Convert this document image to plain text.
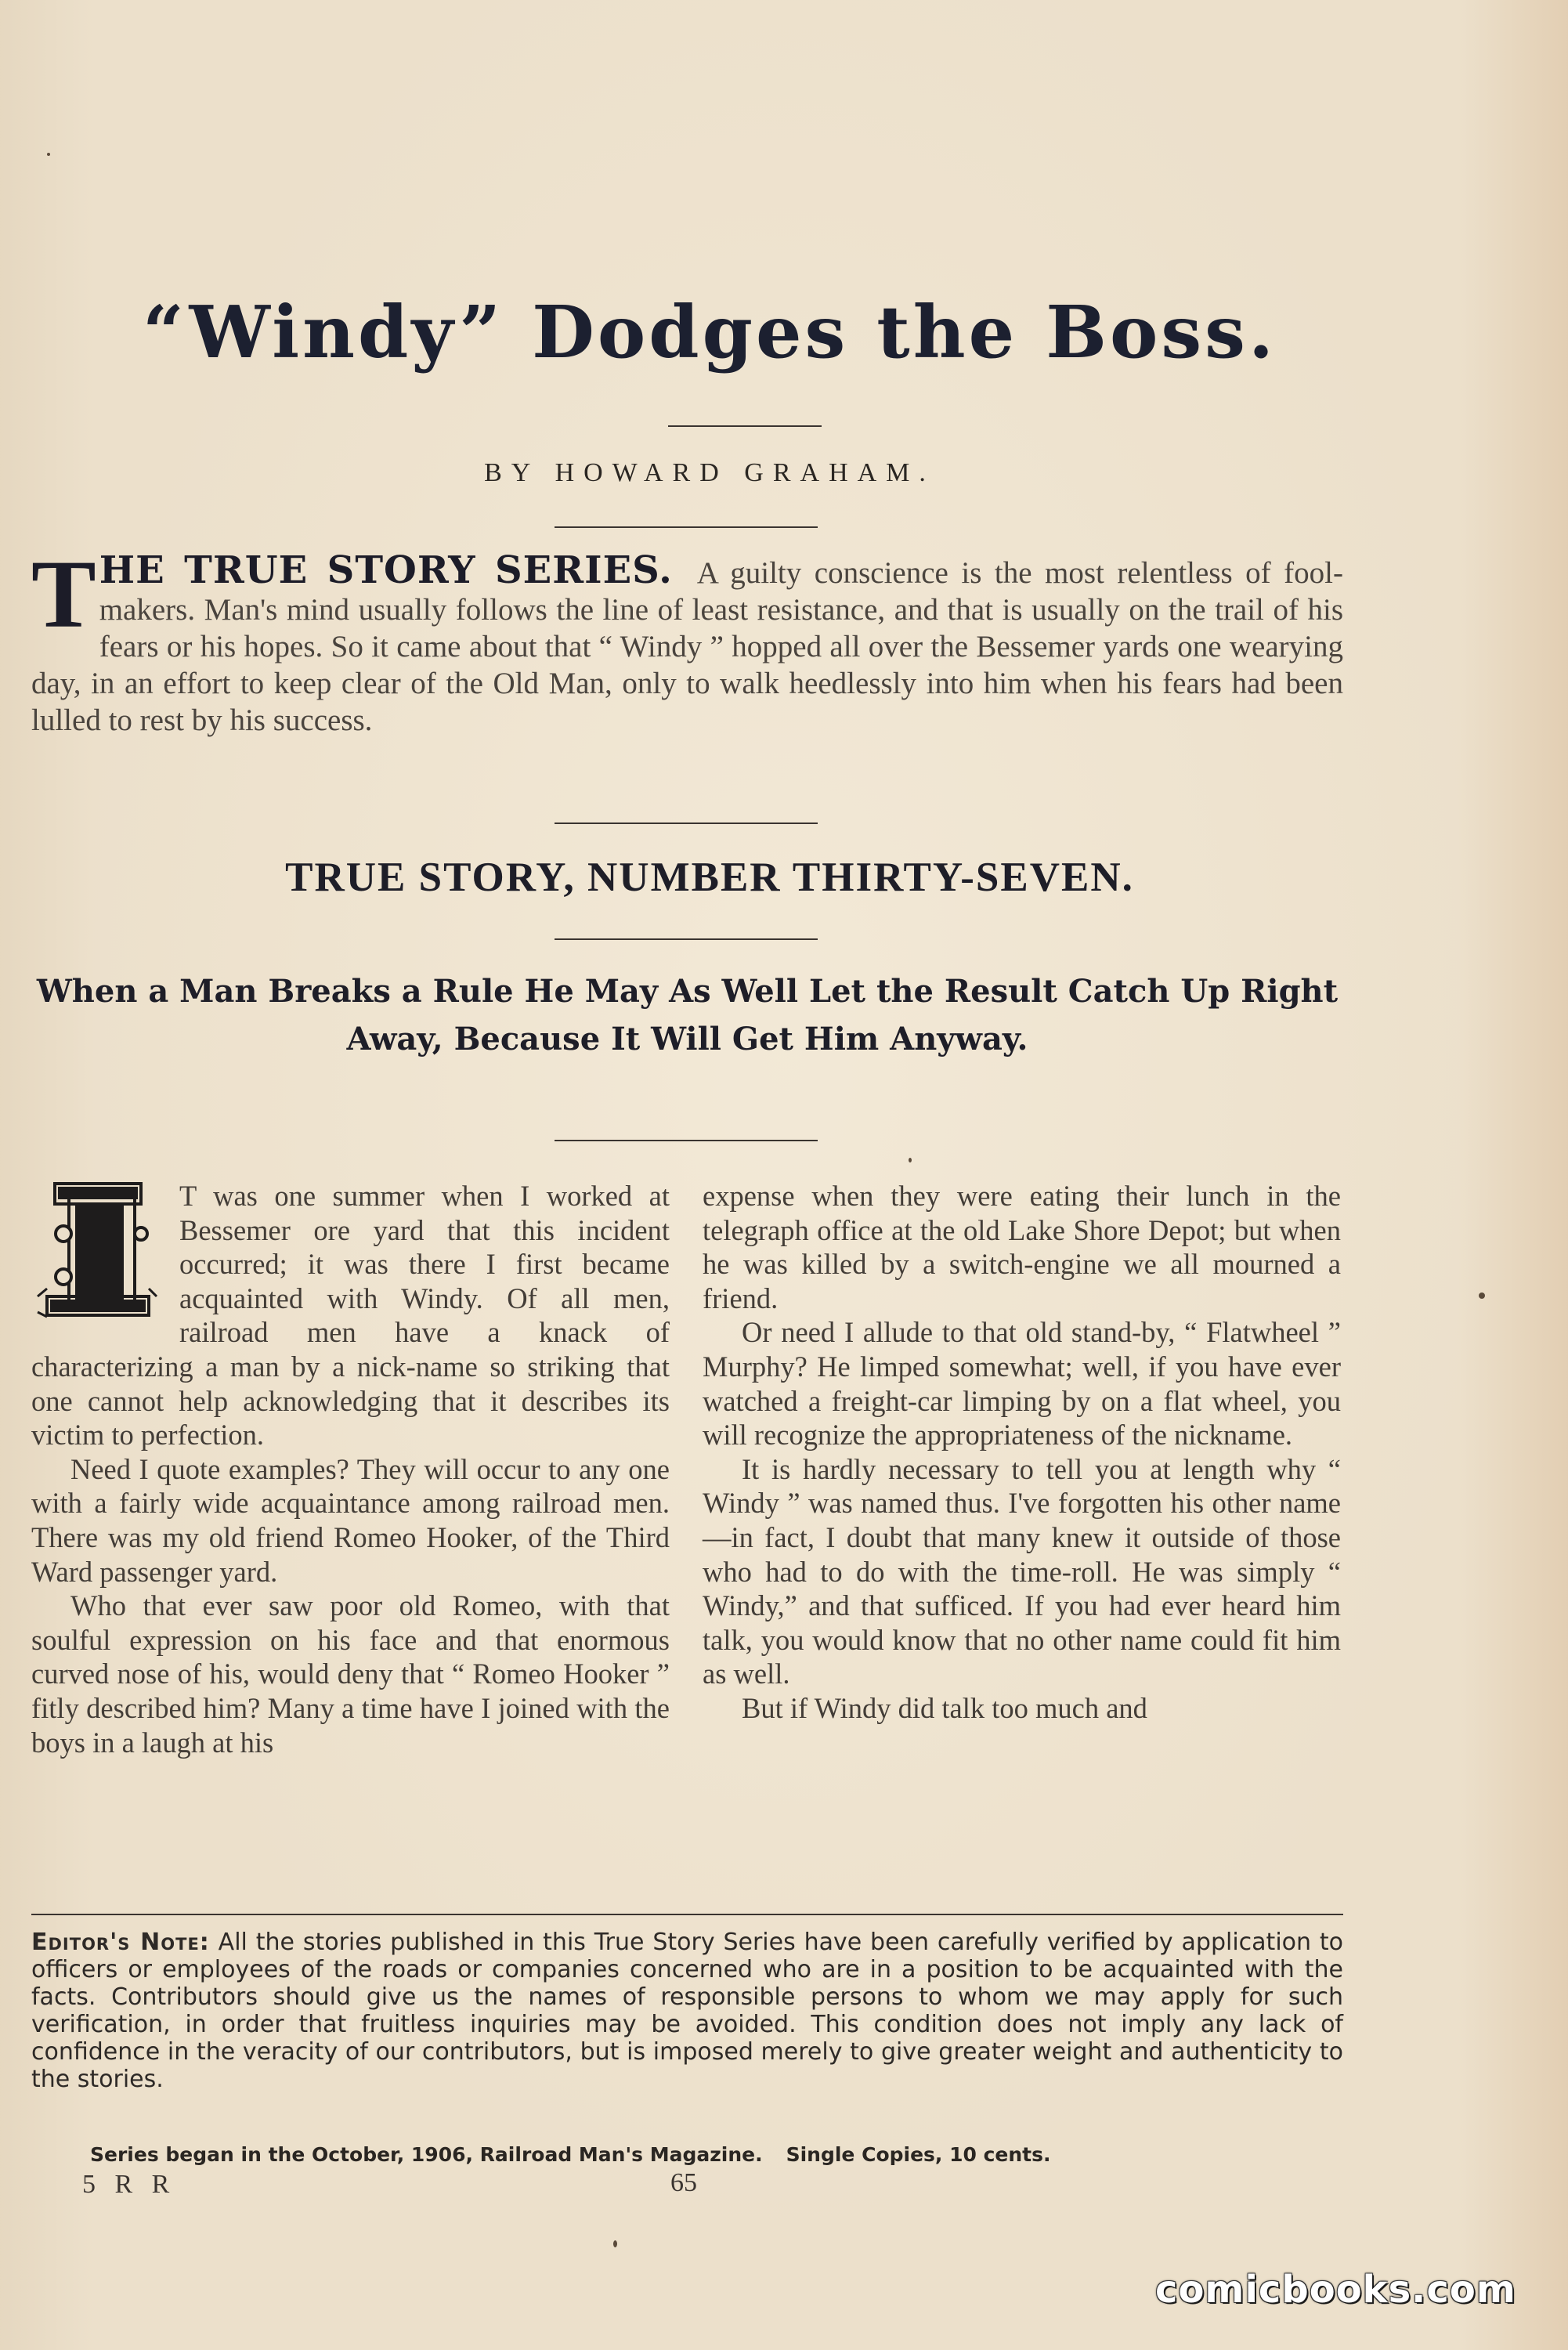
“Windy” Dodges the Boss.
BY HOWARD GRAHAM.
THE TRUE STORY SERIES. A guilty conscience is the most relentless of fool-makers. Man's mind usually follows the line of least resistance, and that is usually on the trail of his fears or his hopes. So it came about that “ Windy ” hopped all over the Bessemer yards one wearying day, in an effort to keep clear of the Old Man, only to walk heedlessly into him when his fears had been lulled to rest by his success.
TRUE STORY, NUMBER THIRTY-SEVEN.
When a Man Breaks a Rule He May As Well Let the Result Catch Up Right Away, Because It Will Get Him Anyway.

T was one summer when I worked at Bessemer ore yard that this incident occurred; it was there I first became acquainted with Windy. Of all men, railroad men have a knack of characterizing a man by a nick-name so striking that one cannot help acknowledging that it describes its victim to perfection.

Need I quote examples? They will occur to any one with a fairly wide acquaintance among railroad men. There was my old friend Romeo Hooker, of the Third Ward passenger yard.

Who that ever saw poor old Romeo, with that soulful expression on his face and that enormous curved nose of his, would deny that “ Romeo Hooker ” fitly described him? Many a time have I joined with the boys in a laugh at his

expense when they were eating their lunch in the telegraph office at the old Lake Shore Depot; but when he was killed by a switch-engine we all mourned a friend.

Or need I allude to that old stand-by, “ Flatwheel ” Murphy? He limped somewhat; well, if you have ever watched a freight-car limping by on a flat wheel, you will recognize the appropriateness of the nickname.

It is hardly necessary to tell you at length why “ Windy ” was named thus. I've forgotten his other name—in fact, I doubt that many knew it outside of those who had to do with the time-roll. He was simply “ Windy,” and that sufficed. If you had ever heard him talk, you would know that no other name could fit him as well.

But if Windy did talk too much and

Editor's Note: All the stories published in this True Story Series have been carefully verified by application to officers or employees of the roads or companies concerned who are in a position to be acquainted with the facts. Contributors should give us the names of responsible persons to whom we may apply for such verification, in order that fruitless inquiries may be avoided. This condition does not imply any lack of confidence in the veracity of our contributors, but is imposed merely to give greater weight and authenticity to the stories.
Series began in the October, 1906, Railroad Man's Magazine. Single Copies, 10 cents.
5 R R	65
comicbooks.com
